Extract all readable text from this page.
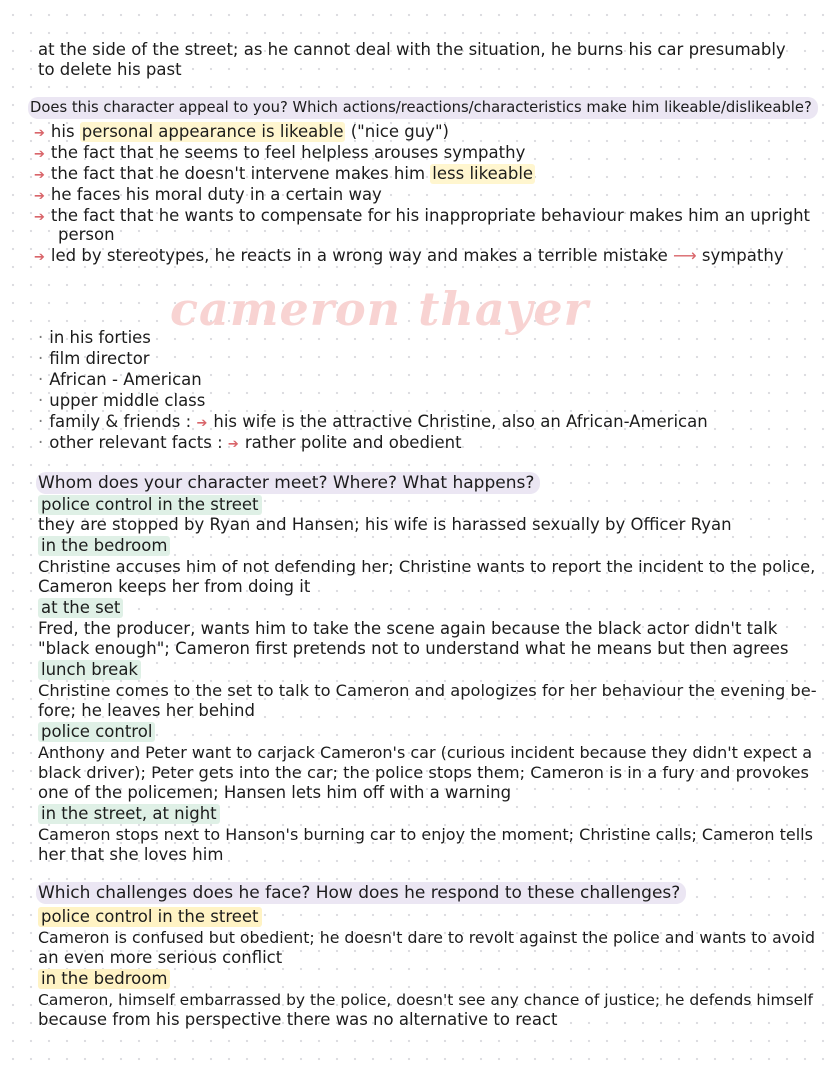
at the side of the street; as he cannot deal with the situation, he burns his car presumably
to delete his past
Does this character appeal to you? Which actions/reactions/characteristics make him likeable/dislikeable?
➔ his personal appearance is likeable ("nice guy")
➔ the fact that he seems to feel helpless arouses sympathy
➔ the fact that he doesn't intervene makes him less likeable
➔ he faces his moral duty in a certain way
➔ the fact that he wants to compensate for his inappropriate behaviour makes him an upright
person
➔ led by stereotypes, he reacts in a wrong way and makes a terrible mistake ⟶ sympathy
cameron thayer
· in his forties
· film director
· African - American
· upper middle class
· family & friends : ➔ his wife is the attractive Christine, also an African-American
· other relevant facts : ➔ rather polite and obedient
Whom does your character meet? Where? What happens?
police control in the street
they are stopped by Ryan and Hansen; his wife is harassed sexually by Officer Ryan
in the bedroom
Christine accuses him of not defending her; Christine wants to report the incident to the police,
Cameron keeps her from doing it
at the set
Fred, the producer, wants him to take the scene again because the black actor didn't talk
"black enough"; Cameron first pretends not to understand what he means but then agrees
lunch break
Christine comes to the set to talk to Cameron and apologizes for her behaviour the evening be-
fore; he leaves her behind
police control
Anthony and Peter want to carjack Cameron's car (curious incident because they didn't expect a
black driver); Peter gets into the car; the police stops them; Cameron is in a fury and provokes
one of the policemen; Hansen lets him off with a warning
in the street, at night
Cameron stops next to Hanson's burning car to enjoy the moment; Christine calls; Cameron tells
her that she loves him
Which challenges does he face? How does he respond to these challenges?
police control in the street
Cameron is confused but obedient; he doesn't dare to revolt against the police and wants to avoid
an even more serious conflict
in the bedroom
Cameron, himself embarrassed by the police, doesn't see any chance of justice; he defends himself
because from his perspective there was no alternative to react
